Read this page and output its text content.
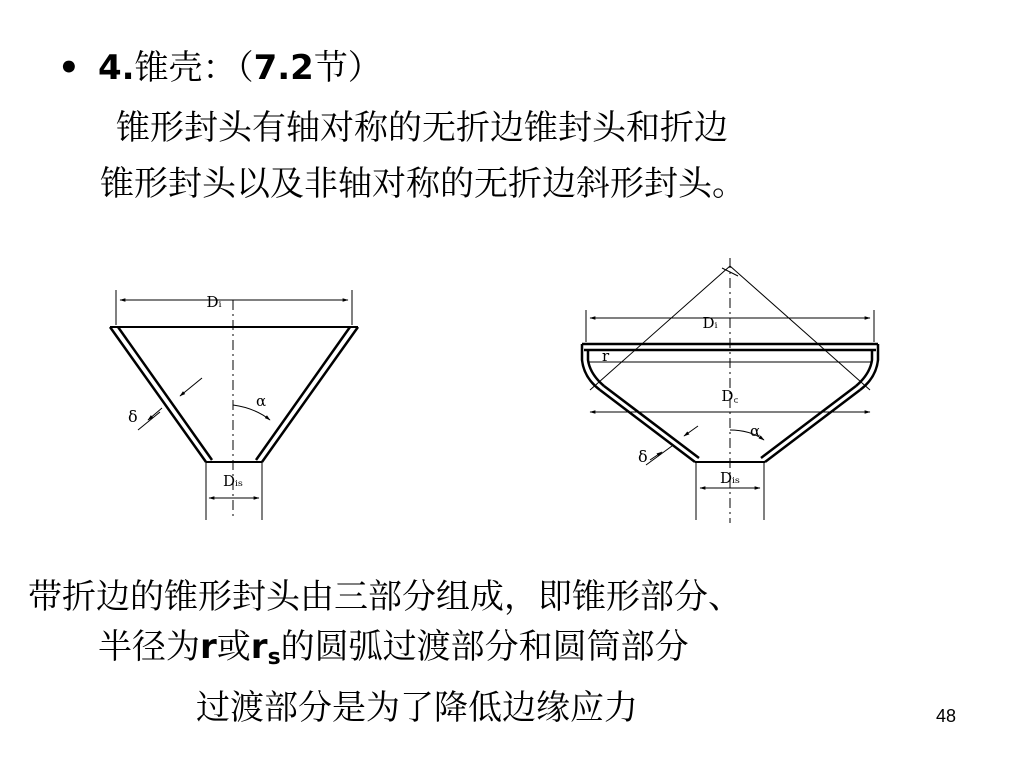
• 4.锥壳：（7.2节）
锥形封头有轴对称的无折边锥封头和折边
锥形封头以及非轴对称的无折边斜形封头。
Dᵢ
Dᵢₛ
δ
α
Dᵢ
D꜀
Dᵢₛ
r
δ
α
带折边的锥形封头由三部分组成，即锥形部分、
半径为r或$r_s$的圆弧过渡部分和圆筒部分
过渡部分是为了降低边缘应力	48
